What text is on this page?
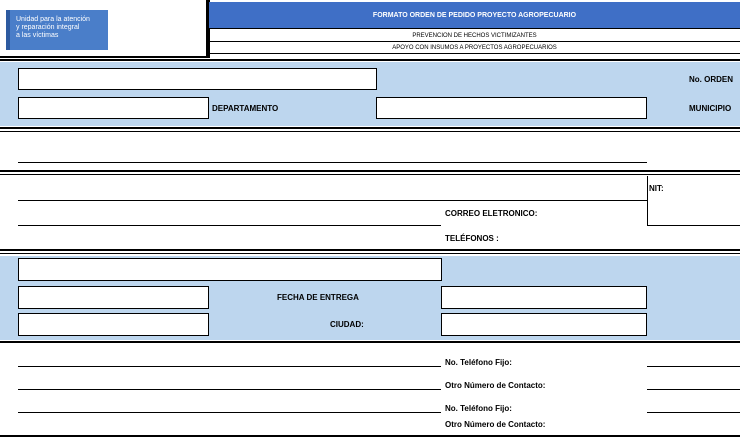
Unidad para la atención
y reparación integral
a las víctimas
FORMATO ORDEN DE PEDIDO PROYECTO AGROPECUARIO
PREVENCION DE HECHOS VICTIMIZANTES
APOYO CON INSUMOS A PROYECTOS AGROPECUARIOS
No. ORDEN
DEPARTAMENTO	MUNICIPIO
NIT:
CORREO ELETRONICO:
TELÉFONOS :
FECHA DE ENTREGA
CIUDAD:
No. Teléfono Fijo:
Otro Número de Contacto:
No. Teléfono Fijo:
Otro Número de Contacto:
